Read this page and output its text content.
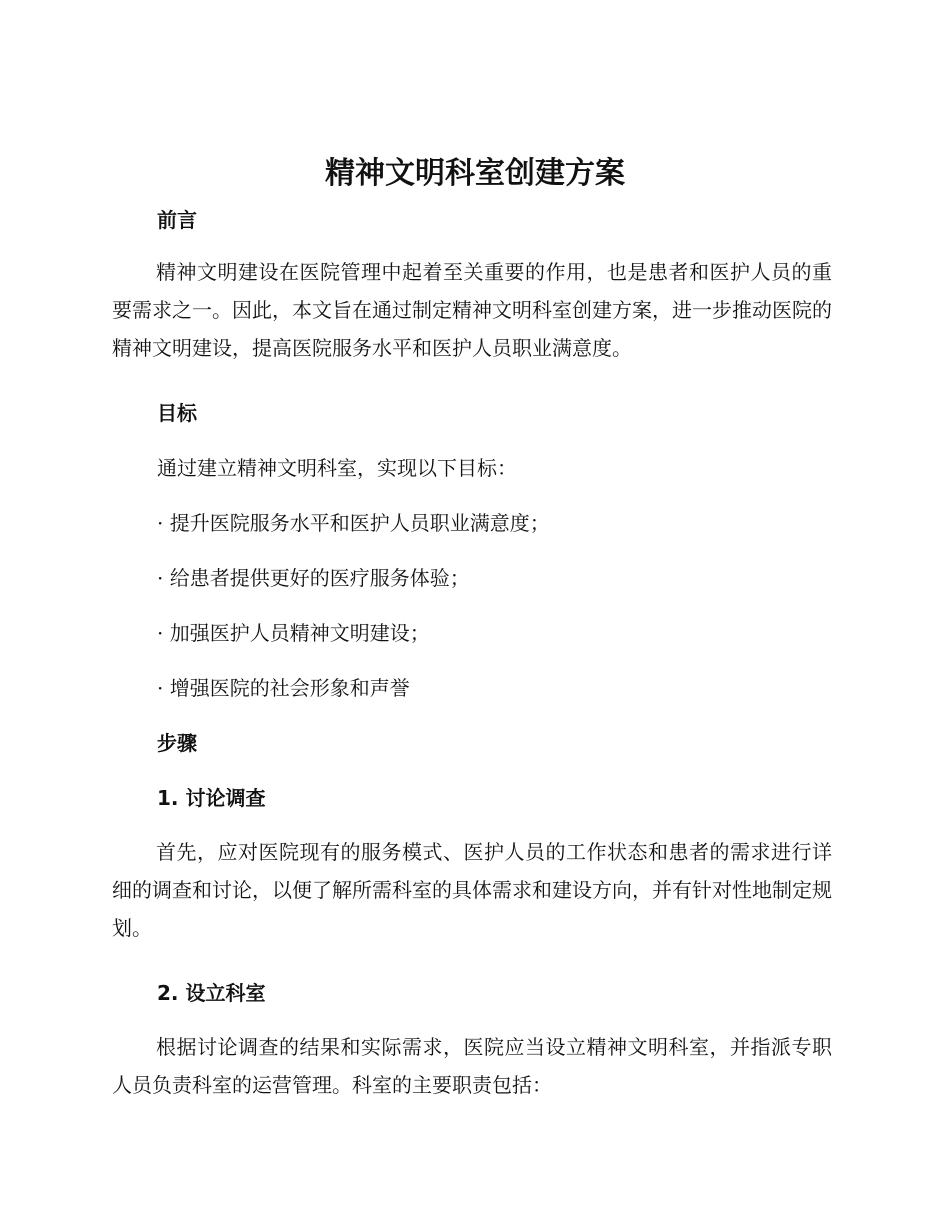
精神文明科室创建方案
前言

精神文明建设在医院管理中起着至关重要的作用，也是患者和医护人员的重要需求之一。因此，本文旨在通过制定精神文明科室创建方案，进一步推动医院的精神文明建设，提高医院服务水平和医护人员职业满意度。

目标

通过建立精神文明科室，实现以下目标：

· 提升医院服务水平和医护人员职业满意度；

· 给患者提供更好的医疗服务体验；

· 加强医护人员精神文明建设；

· 增强医院的社会形象和声誉

步骤
1. 讨论调查

首先，应对医院现有的服务模式、医护人员的工作状态和患者的需求进行详细的调查和讨论，以便了解所需科室的具体需求和建设方向，并有针对性地制定规划。

2. 设立科室

根据讨论调查的结果和实际需求，医院应当设立精神文明科室，并指派专职人员负责科室的运营管理。科室的主要职责包括：
